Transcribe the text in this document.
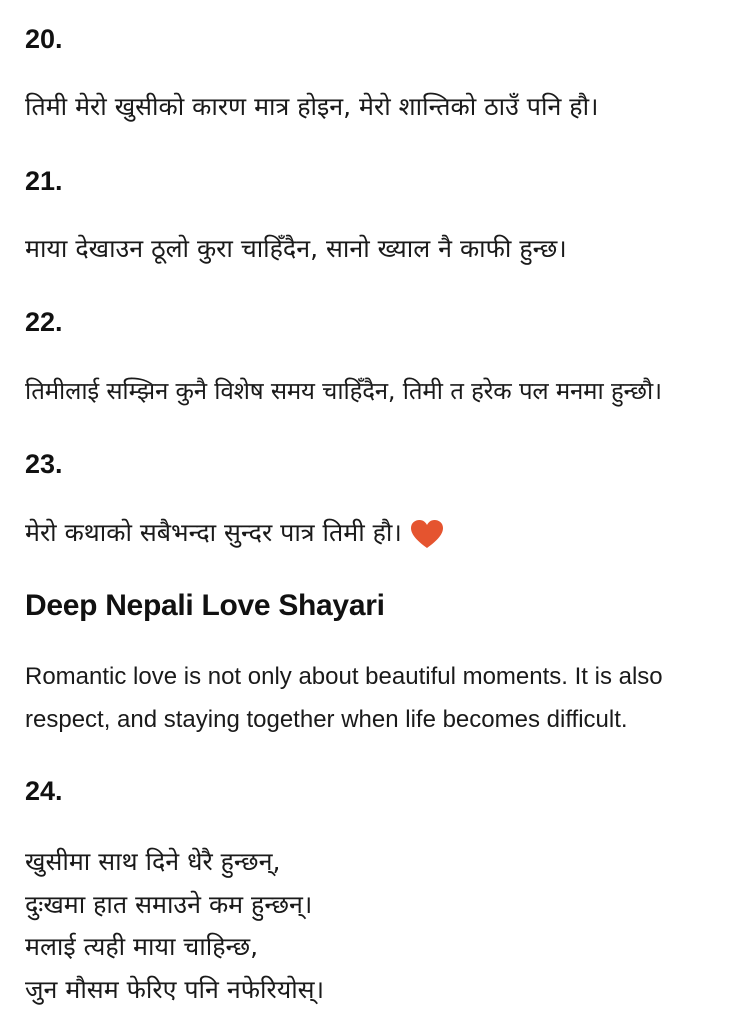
20.

तिमी मेरो खुसीको कारण मात्र होइन, मेरो शान्तिको ठाउँ पनि हौ।

21.

माया देखाउन ठूलो कुरा चाहिँदैन, सानो ख्याल नै काफी हुन्छ।

22.

तिमीलाई सम्झिन कुनै विशेष समय चाहिँदैन, तिमी त हरेक पल मनमा हुन्छौ।

23.

मेरो कथाको सबैभन्दा सुन्दर पात्र तिमी हौ।

Deep Nepali Love Shayari

Romantic love is not only about beautiful moments. It is also respect, and staying together when life becomes difficult.

24.

खुसीमा साथ दिने धेरै हुन्छन्,

दुःखमा हात समाउने कम हुन्छन्।

मलाई त्यही माया चाहिन्छ,

जुन मौसम फेरिए पनि नफेरियोस्।
